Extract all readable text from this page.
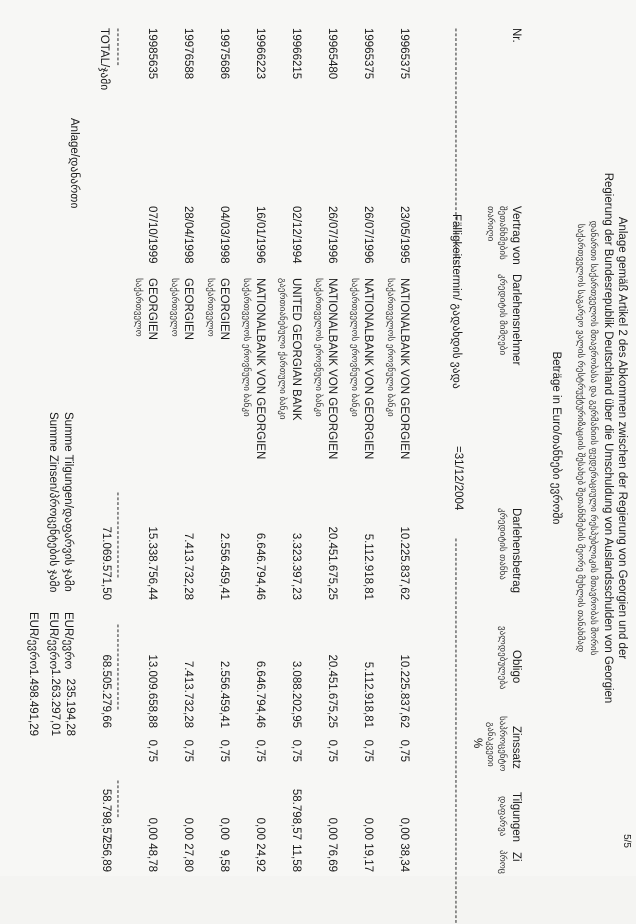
5/5
Anlage gemäß Artikel 2 des Abkommen zwischen der Regierung von Georgien und der
Regierung der Bundesrepublik Deutschland über die Umschuldung von Auslandsschulden von Georgien
დანართი საქართველოს მთავრობასა და გერმანიის ფედერაციული რესპუბლიკის მთავრობას შორის
საქართველოს საგარეო ვალის რესტრუქტურიზაციის შესახებ შეთანხმების მეორე მუხლის თანახმად
Beträge in Euro/თანხები ევროში
Nr.
Vertrag von
შეთანხმების
თარიღი
Darlehensnehmer
კრედიტის მიმღები
Darlehensbetrag
კრედიტის თანხა
Obligo
ვალდებულება
Zinssatz
საპროცენტო
განაკვეთი
%
Tilgungen
დაფარვა
Zi
პროც
-------------------------------------------------
Fälligkeitstermin/ გადახდის ვადა
=31/12/2004
--------------------------------------------------------------------------------
19965375
23/05/1995
NATIONALBANK VON GEORGIEN
10.225.837,62
10.225.837,62
0,75
0,00
38,34
საქართველოს ეროვნული ბანკი
19965375
26/07/1996
NATIONALBANK VON GEORGIEN
5.112.918,81
5.112.918,81
0,75
0,00
19,17
საქართველოს ეროვნული ბანკი
19965480
26/07/1996
NATIONALBANK VON GEORGIEN
20.451.675,25
20.451.675,25
0,75
0,00
76,69
საქართველოს ეროვნული ბანკი
19966215
02/12/1994
UNITED GEORGIAN BANK
3.323.397,23
3.088.202,95
0,75
58.798,57
11,58
გაერთიანებული ქართული ბანკი
19966223
16/01/1996
NATIONALBANK VON GEORGIEN
6.646.794,46
6.646.794,46
0,75
0,00
24,92
საქართველოს ეროვნული ბანკი
19975686
04/03/1998
GEORGIEN
2.556.459,41
2.556.459,41
0,75
0,00
9,58
საქართველო
19976588
28/04/1998
GEORGIEN
7.413.732,28
7.413.732,28
0,75
0,00
27,80
საქართველო
19985635
07/10/1999
GEORGIEN
15.338.756,44
13.009.658,88
0,75
0,00
48,78
საქართველო
--------
------------------
------------------
--------
TOTAL/ჯამი
71.069.571,50
68.505.279,66
58.798,57
256,89
Anlage/დანართი
Summe Tilgungen/დაფარვის ჯამი
EUR/ევრო
235.194,28
Summe Zinsen/პროცენტების ჯამი
EUR/ევრო
1.263.297,01
EUR/ევრო
1.498.491,29
